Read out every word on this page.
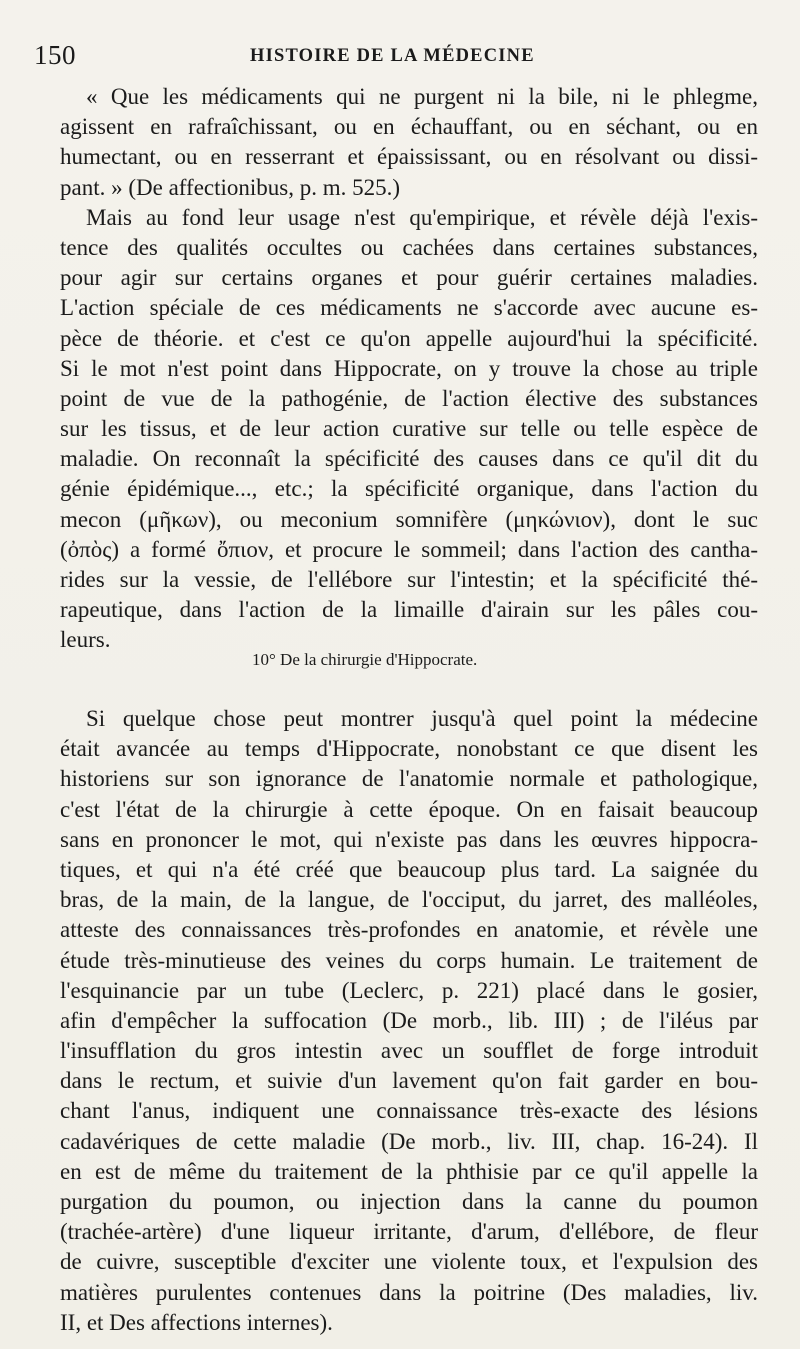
150	HISTOIRE DE LA MÉDECINE
« Que les médicaments qui ne purgent ni la bile, ni le phlegme,
agissent en rafraîchissant, ou en échauffant, ou en séchant, ou en
humectant, ou en resserrant et épaississant, ou en résolvant ou dissi-
pant. » (De affectionibus, p. m. 525.)
Mais au fond leur usage n'est qu'empirique, et révèle déjà l'exis-
tence des qualités occultes ou cachées dans certaines substances,
pour agir sur certains organes et pour guérir certaines maladies.
L'action spéciale de ces médicaments ne s'accorde avec aucune es-
pèce de théorie. et c'est ce qu'on appelle aujourd'hui la spécificité.
Si le mot n'est point dans Hippocrate, on y trouve la chose au triple
point de vue de la pathogénie, de l'action élective des substances
sur les tissus, et de leur action curative sur telle ou telle espèce de
maladie. On reconnaît la spécificité des causes dans ce qu'il dit du
génie épidémique..., etc.; la spécificité organique, dans l'action du
mecon (μῆκων), ou meconium somnifère (μηκώνιον), dont le suc
(ὀπὸς) a formé ὄπιον, et procure le sommeil; dans l'action des cantha-
rides sur la vessie, de l'ellébore sur l'intestin; et la spécificité thé-
rapeutique, dans l'action de la limaille d'airain sur les pâles cou-
leurs.
10° De la chirurgie d'Hippocrate.
Si quelque chose peut montrer jusqu'à quel point la médecine
était avancée au temps d'Hippocrate, nonobstant ce que disent les
historiens sur son ignorance de l'anatomie normale et pathologique,
c'est l'état de la chirurgie à cette époque. On en faisait beaucoup
sans en prononcer le mot, qui n'existe pas dans les œuvres hippocra-
tiques, et qui n'a été créé que beaucoup plus tard. La saignée du
bras, de la main, de la langue, de l'occiput, du jarret, des malléoles,
atteste des connaissances très-profondes en anatomie, et révèle une
étude très-minutieuse des veines du corps humain. Le traitement de
l'esquinancie par un tube (Leclerc, p. 221) placé dans le gosier,
afin d'empêcher la suffocation (De morb., lib. III) ; de l'iléus par
l'insufflation du gros intestin avec un soufflet de forge introduit
dans le rectum, et suivie d'un lavement qu'on fait garder en bou-
chant l'anus, indiquent une connaissance très-exacte des lésions
cadavériques de cette maladie (De morb., liv. III, chap. 16-24). Il
en est de même du traitement de la phthisie par ce qu'il appelle la
purgation du poumon, ou injection dans la canne du poumon
(trachée-artère) d'une liqueur irritante, d'arum, d'ellébore, de fleur
de cuivre, susceptible d'exciter une violente toux, et l'expulsion des
matières purulentes contenues dans la poitrine (Des maladies, liv.
II, et Des affections internes).
